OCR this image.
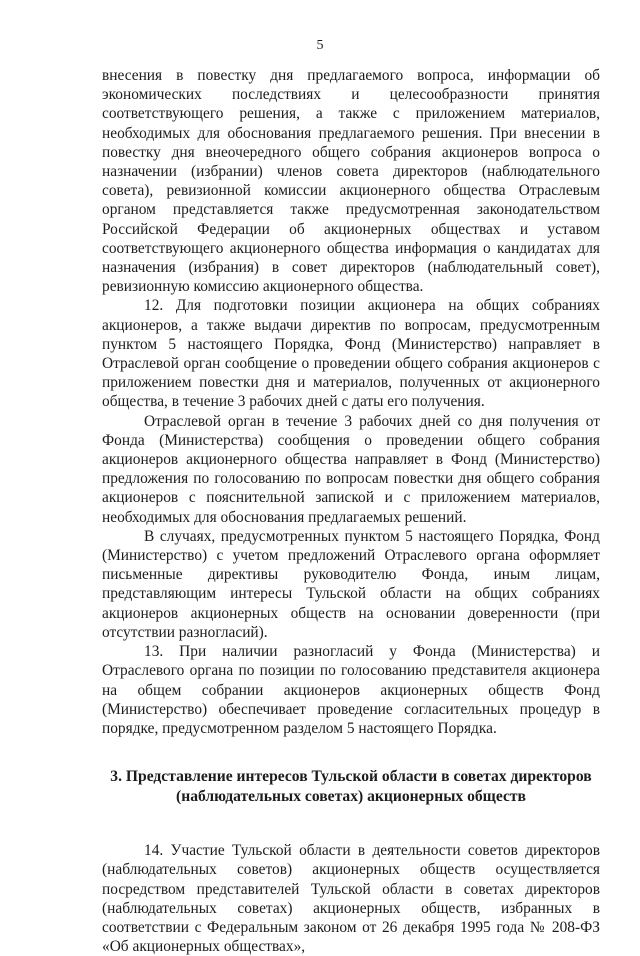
5

внесения в повестку дня предлагаемого вопроса, информации об экономических последствиях и целесообразности принятия соответствующего решения, а также с приложением материалов, необходимых для обоснования предлагаемого решения. При внесении в повестку дня внеочередного общего собрания акционеров вопроса о назначении (избрании) членов совета директоров (наблюдательного совета), ревизионной комиссии акционерного общества Отраслевым органом представляется также предусмотренная законодательством Российской Федерации об акционерных обществах и уставом соответствующего акционерного общества информация о кандидатах для назначения (избрания) в совет директоров (наблюдательный совет), ревизионную комиссию акционерного общества.

12. Для подготовки позиции акционера на общих собраниях акционеров, а также выдачи директив по вопросам, предусмотренным пунктом 5 настоящего Порядка, Фонд (Министерство) направляет в Отраслевой орган сообщение о проведении общего собрания акционеров с приложением повестки дня и материалов, полученных от акционерного общества, в течение 3 рабочих дней с даты его получения.

Отраслевой орган в течение 3 рабочих дней со дня получения от Фонда (Министерства) сообщения о проведении общего собрания акционеров акционерного общества направляет в Фонд (Министерство) предложения по голосованию по вопросам повестки дня общего собрания акционеров с пояснительной запиской и с приложением материалов, необходимых для обоснования предлагаемых решений.

В случаях, предусмотренных пунктом 5 настоящего Порядка, Фонд (Министерство) с учетом предложений Отраслевого органа оформляет письменные директивы руководителю Фонда, иным лицам, представляющим интересы Тульской области на общих собраниях акционеров акционерных обществ на основании доверенности (при отсутствии разногласий).

13. При наличии разногласий у Фонда (Министерства) и Отраслевого органа по позиции по голосованию представителя акционера на общем собрании акционеров акционерных обществ Фонд (Министерство) обеспечивает проведение согласительных процедур в порядке, предусмотренном разделом 5 настоящего Порядка.

3. Представление интересов Тульской области в советах директоров
(наблюдательных советах) акционерных обществ

14. Участие Тульской области в деятельности советов директоров (наблюдательных советов) акционерных обществ осуществляется посредством представителей Тульской области в советах директоров (наблюдательных советах) акционерных обществ, избранных в соответствии с Федеральным законом от 26 декабря 1995 года № 208-ФЗ «Об акционерных обществах»,
